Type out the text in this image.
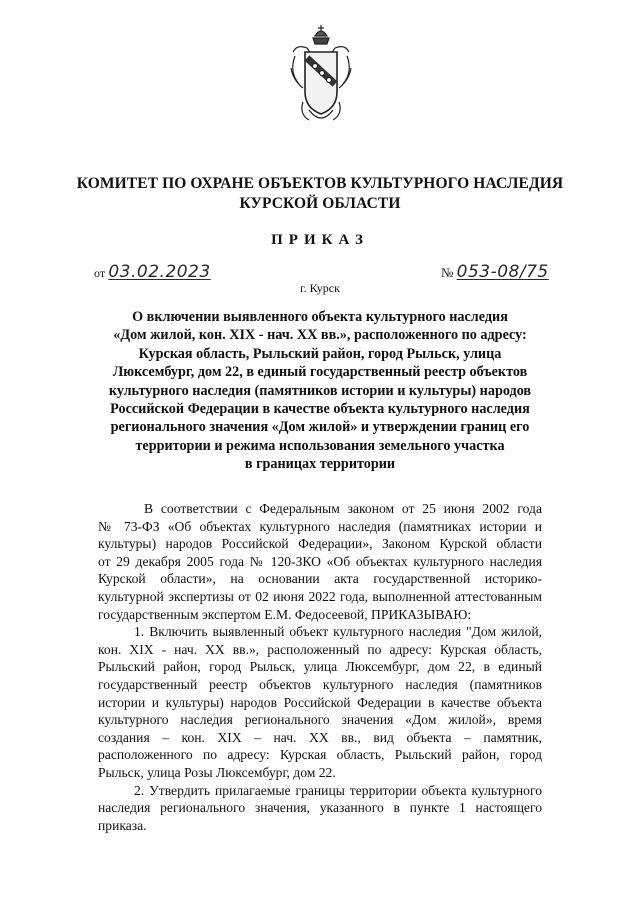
КОМИТЕТ ПО ОХРАНЕ ОБЪЕКТОВ КУЛЬТУРНОГО НАСЛЕДИЯ
КУРСКОЙ ОБЛАСТИ
ПРИКАЗ
от 03.02.2023	№ 053-08/75
г. Курск
О включении выявленного объекта культурного наследия
«Дом жилой, кон. XIX - нач. XX вв.», расположенного по адресу:
Курская область, Рыльский район, город Рыльск, улица
Люксембург, дом 22, в единый государственный реестр объектов
культурного наследия (памятников истории и культуры) народов
Российской Федерации в качестве объекта культурного наследия
регионального значения «Дом жилой» и утверждении границ его
территории и режима использования земельного участка
в границах территории
В соответствии с Федеральным законом от 25 июня 2002 года
№ 73-ФЗ «Об объектах культурного наследия (памятниках истории и
культуры) народов Российской Федерации», Законом Курской области
от 29 декабря 2005 года № 120-ЗКО «Об объектах культурного наследия
Курской области», на основании акта государственной историко-
культурной экспертизы от 02 июня 2022 года, выполненной аттестованным
государственным экспертом Е.М. Федосеевой, ПРИКАЗЫВАЮ:
1. Включить выявленный объект культурного наследия "Дом жилой,
кон. XIX - нач. XX вв.», расположенный по адресу: Курская область,
Рыльский район, город Рыльск, улица Люксембург, дом 22, в единый
государственный реестр объектов культурного наследия (памятников
истории и культуры) народов Российской Федерации в качестве объекта
культурного наследия регионального значения «Дом жилой», время
создания – кон. XIX – нач. XX вв., вид объекта – памятник,
расположенного по адресу: Курская область, Рыльский район, город
Рыльск, улица Розы Люксембург, дом 22.
2. Утвердить прилагаемые границы территории объекта культурного
наследия регионального значения, указанного в пункте 1 настоящего
приказа.
